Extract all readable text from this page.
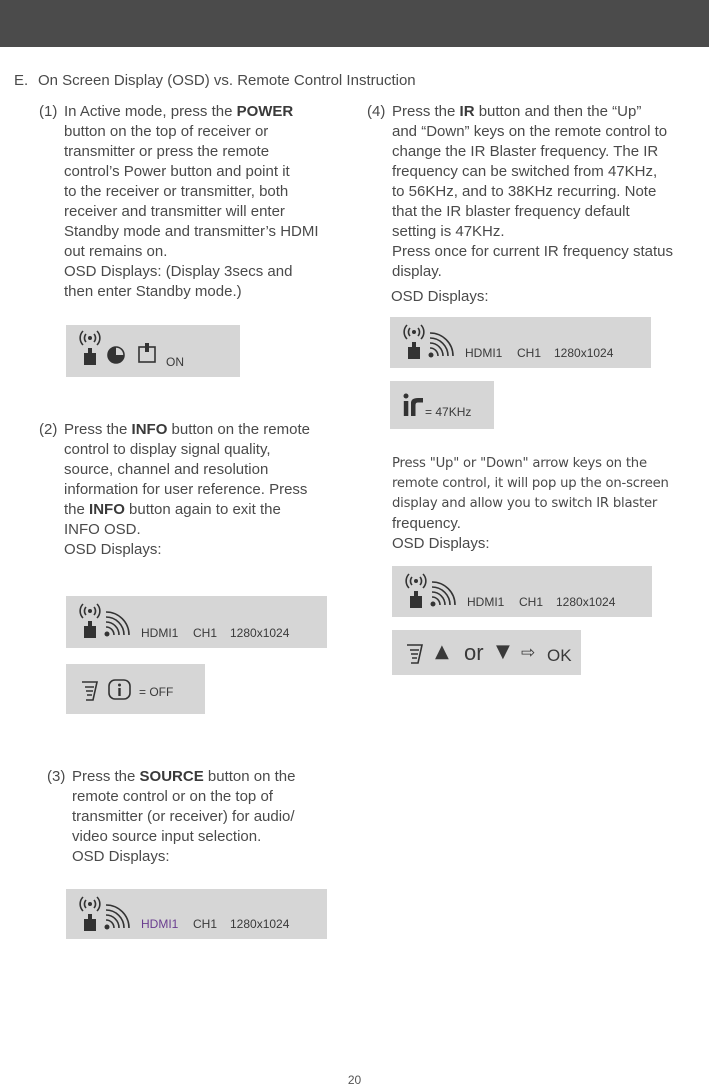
E. On Screen Display (OSD) vs. Remote Control Instruction
(1) In Active mode, press the POWER
button on the top of receiver or
transmitter or press the remote
control’s Power button and point it
to the receiver or transmitter, both
receiver and transmitter will enter
Standby mode and transmitter’s HDMI
out remains on.
OSD Displays: (Display 3secs and
then enter Standby mode.)
ON
(2) Press the INFO button on the remote
control to display signal quality,
source, channel and resolution
information for user reference. Press
the INFO button again to exit the
INFO OSD.
OSD Displays:
HDMI1 CH1 1280x1024
= OFF
(3) Press the SOURCE button on the
remote control or on the top of
transmitter (or receiver) for audio/
video source input selection.
OSD Displays:
HDMI1 CH1 1280x1024
(4) Press the IR button and then the “Up”
and “Down” keys on the remote control to
change the IR Blaster frequency. The IR
frequency can be switched from 47KHz,
to 56KHz, and to 38KHz recurring. Note
that the IR blaster frequency default
setting is 47KHz.
Press once for current IR frequency status
display.
OSD Displays:
HDMI1 CH1 1280x1024
= 47KHz
Press "Up" or "Down" arrow keys on the
remote control, it will pop up the on-screen
display and allow you to switch IR blaster
frequency.
OSD Displays:
HDMI1 CH1 1280x1024
▲ or ▼ ⇨ OK
20
